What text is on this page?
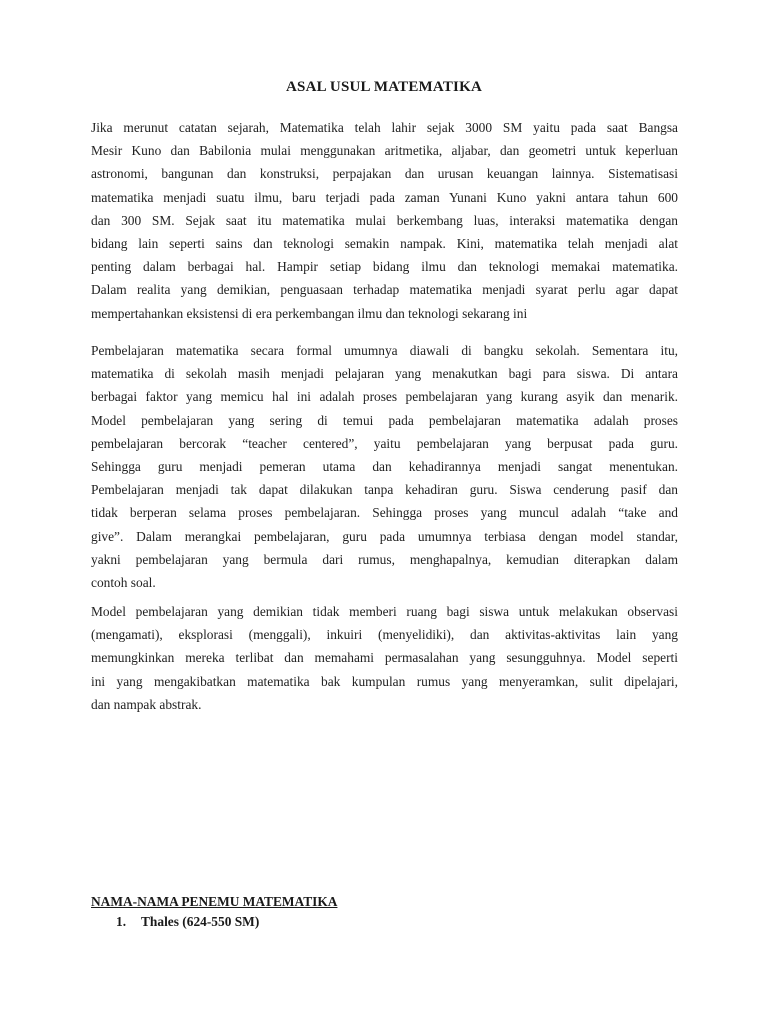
ASAL USUL MATEMATIKA

Jika merunut catatan sejarah, Matematika telah lahir sejak 3000 SM yaitu pada saat Bangsa
Mesir Kuno dan Babilonia mulai menggunakan aritmetika, aljabar, dan geometri untuk keperluan
astronomi, bangunan dan konstruksi, perpajakan dan urusan keuangan lainnya. Sistematisasi
matematika menjadi suatu ilmu, baru terjadi pada zaman Yunani Kuno yakni antara tahun 600
dan 300 SM. Sejak saat itu matematika mulai berkembang luas, interaksi matematika dengan
bidang lain seperti sains dan teknologi semakin nampak. Kini, matematika telah menjadi alat
penting dalam berbagai hal. Hampir setiap bidang ilmu dan teknologi memakai matematika.
Dalam realita yang demikian, penguasaan terhadap matematika menjadi syarat perlu agar dapat
mempertahankan eksistensi di era perkembangan ilmu dan teknologi sekarang ini

Pembelajaran matematika secara formal umumnya diawali di bangku sekolah. Sementara itu,
matematika di sekolah masih menjadi pelajaran yang menakutkan bagi para siswa. Di antara
berbagai faktor yang memicu hal ini adalah proses pembelajaran yang kurang asyik dan menarik.
Model pembelajaran yang sering di temui pada pembelajaran matematika adalah proses
pembelajaran bercorak “teacher centered”, yaitu pembelajaran yang berpusat pada guru.
Sehingga guru menjadi pemeran utama dan kehadirannya menjadi sangat menentukan.
Pembelajaran menjadi tak dapat dilakukan tanpa kehadiran guru. Siswa cenderung pasif dan
tidak berperan selama proses pembelajaran. Sehingga proses yang muncul adalah “take and
give”. Dalam merangkai pembelajaran, guru pada umumnya terbiasa dengan model standar,
yakni pembelajaran yang bermula dari rumus, menghapalnya, kemudian diterapkan dalam
contoh soal.

Model pembelajaran yang demikian tidak memberi ruang bagi siswa untuk melakukan observasi
(mengamati), eksplorasi (menggali), inkuiri (menyelidiki), dan aktivitas-aktivitas lain yang
memungkinkan mereka terlibat dan memahami permasalahan yang sesungguhnya. Model seperti
ini yang mengakibatkan matematika bak kumpulan rumus yang menyeramkan, sulit dipelajari,
dan nampak abstrak.

NAMA-NAMA PENEMU MATEMATIKA
1. Thales (624-550 SM)
